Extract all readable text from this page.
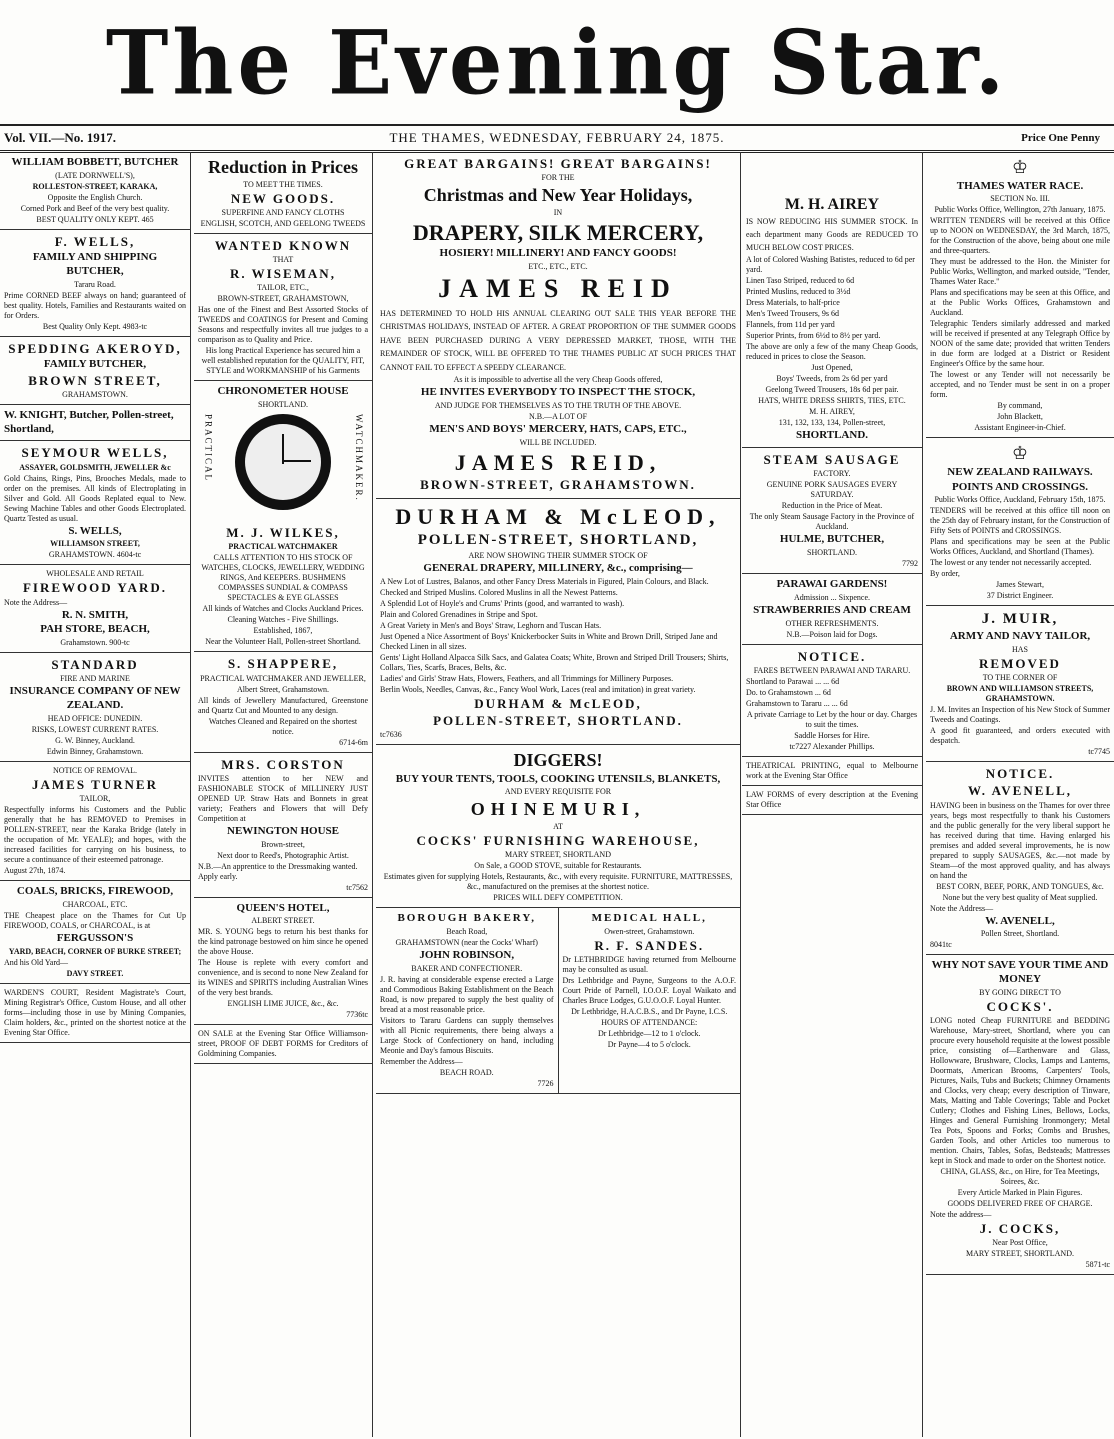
The Evening Star.
Vol. VII.—No. 1917.	THE THAMES, WEDNESDAY, FEBRUARY 24, 1875.	Price One Penny

WILLIAM BOBBETT, BUTCHER

(LATE DORNWELL'S),

ROLLESTON-STREET, KARAKA,

Opposite the English Church.

Corned Pork and Beef of the very best quality.

BEST QUALITY ONLY KEPT. 465

F. WELLS,

FAMILY AND SHIPPING BUTCHER,

Tararu Road.

Prime CORNED BEEF always on hand; guaranteed of best quality. Hotels, Families and Restaurants waited on for Orders.

Best Quality Only Kept. 4983-tc

SPEDDING AKEROYD,

FAMILY BUTCHER,

BROWN STREET,

GRAHAMSTOWN.

W. KNIGHT, Butcher, Pollen-street, Shortland,

SEYMOUR WELLS,

ASSAYER, GOLDSMITH, JEWELLER &c

Gold Chains, Rings, Pins, Brooches Medals, made to order on the premises. All kinds of Electroplating in Silver and Gold. All Goods Replated equal to New. Sewing Machine Tables and other Goods Electroplated. Quartz Tested as usual.

S. WELLS,

WILLIAMSON STREET,

GRAHAMSTOWN. 4604-tc

WHOLESALE AND RETAIL

FIREWOOD YARD.

Note the Address—

R. N. SMITH,

PAH STORE, BEACH,

Grahamstown. 900-tc

STANDARD

FIRE AND MARINE

INSURANCE COMPANY OF NEW ZEALAND.

HEAD OFFICE: DUNEDIN.

RISKS, LOWEST CURRENT RATES.

G. W. Binney, Auckland.

Edwin Binney, Grahamstown.

NOTICE OF REMOVAL.

JAMES TURNER

TAILOR,

Respectfully informs his Customers and the Public generally that he has REMOVED to Premises in POLLEN-STREET, near the Karaka Bridge (lately in the occupation of Mr. YEALE); and hopes, with the increased facilities for carrying on his business, to secure a continuance of their esteemed patronage.

August 27th, 1874.

COALS, BRICKS, FIREWOOD,

CHARCOAL, ETC.

THE Cheapest place on the Thames for Cut Up FIREWOOD, COALS, or CHARCOAL, is at

FERGUSSON'S

YARD, BEACH, CORNER OF BURKE STREET;

And his Old Yard—

DAVY STREET.

WARDEN'S COURT, Resident Magistrate's Court, Mining Registrar's Office, Custom House, and all other forms—including those in use by Mining Companies, Claim holders, &c., printed on the shortest notice at the Evening Star Office.

Reduction in Prices

TO MEET THE TIMES.

NEW GOODS.

SUPERFINE AND FANCY CLOTHS

ENGLISH, SCOTCH, AND GEELONG TWEEDS

WANTED KNOWN

THAT

R. WISEMAN,

TAILOR, ETC.,

BROWN-STREET, GRAHAMSTOWN,

Has one of the Finest and Best Assorted Stocks of TWEEDS and COATINGS for Present and Coming Seasons and respectfully invites all true judges to a comparison as to Quality and Price.

His long Practical Experience has secured him a well established reputation for the QUALITY, FIT, STYLE and WORKMANSHIP of his Garments

CHRONOMETER HOUSE

SHORTLAND.

PRACTICAL	WATCHMAKER.

M. J. WILKES,

PRACTICAL WATCHMAKER

CALLS ATTENTION TO HIS STOCK OF WATCHES, CLOCKS, JEWELLERY, WEDDING RINGS, And KEEPERS. BUSHMENS COMPASSES SUNDIAL & COMPASS SPECTACLES & EYE GLASSES

All kinds of Watches and Clocks Auckland Prices.

Cleaning Watches - Five Shillings.

Established, 1867,

Near the Volunteer Hall, Pollen-street Shortland.

S. SHAPPERE,

PRACTICAL WATCHMAKER AND JEWELLER,

Albert Street, Grahamstown.

All kinds of Jewellery Manufactured, Greenstone and Quartz Cut and Mounted to any design.

Watches Cleaned and Repaired on the shortest notice.

6714-6m

MRS. CORSTON

INVITES attention to her NEW and FASHIONABLE STOCK of MILLINERY JUST OPENED UP. Straw Hats and Bonnets in great variety; Feathers and Flowers that will Defy Competition at

NEWINGTON HOUSE

Brown-street,

Next door to Reed's, Photographic Artist.

N.B.—An apprentice to the Dressmaking wanted. Apply early.

tc7562

QUEEN'S HOTEL,

ALBERT STREET.

MR. S. YOUNG begs to return his best thanks for the kind patronage bestowed on him since he opened the above House.

The House is replete with every comfort and convenience, and is second to none New Zealand for its WINES and SPIRITS including Australian Wines of the very best brands.

ENGLISH LIME JUICE, &c., &c.

7736tc

ON SALE at the Evening Star Office Williamson-street, PROOF OF DEBT FORMS for Creditors of Goldmining Companies.

GREAT BARGAINS! GREAT BARGAINS!

FOR THE

Christmas and New Year Holidays,

IN

DRAPERY, SILK MERCERY,

HOSIERY! MILLINERY! AND FANCY GOODS!

ETC., ETC., ETC.

JAMES REID

HAS DETERMINED TO HOLD HIS ANNUAL CLEARING OUT SALE THIS YEAR BEFORE THE CHRISTMAS HOLIDAYS, INSTEAD OF AFTER. A GREAT PROPORTION OF THE SUMMER GOODS HAVE BEEN PURCHASED DURING A VERY DEPRESSED MARKET, THOSE, WITH THE REMAINDER OF STOCK, WILL BE OFFERED TO THE THAMES PUBLIC AT SUCH PRICES THAT CANNOT FAIL TO EFFECT A SPEEDY CLEARANCE.

As it is impossible to advertise all the very Cheap Goods offered,

HE INVITES EVERYBODY TO INSPECT THE STOCK,

AND JUDGE FOR THEMSELVES AS TO THE TRUTH OF THE ABOVE.

N.B.—A LOT OF

MEN'S AND BOYS' MERCERY, HATS, CAPS, ETC.,

WILL BE INCLUDED.

JAMES REID,

BROWN-STREET, GRAHAMSTOWN.

DURHAM & McLEOD,

POLLEN-STREET, SHORTLAND,

ARE NOW SHOWING THEIR SUMMER STOCK OF

GENERAL DRAPERY, MILLINERY, &c., comprising—

A New Lot of Lustres, Balanos, and other Fancy Dress Materials in Figured, Plain Colours, and Black.

Checked and Striped Muslins. Colored Muslins in all the Newest Patterns.

A Splendid Lot of Hoyle's and Crums' Prints (good, and warranted to wash).

Plain and Colored Grenadines in Stripe and Spot.

A Great Variety in Men's and Boys' Straw, Leghorn and Tuscan Hats.

Just Opened a Nice Assortment of Boys' Knickerbocker Suits in White and Brown Drill, Striped Jane and Checked Linen in all sizes.

Gents' Light Holland Alpacca Silk Sacs, and Galatea Coats; White, Brown and Striped Drill Trousers; Shirts, Collars, Ties, Scarfs, Braces, Belts, &c.

Ladies' and Girls' Straw Hats, Flowers, Feathers, and all Trimmings for Millinery Purposes.

Berlin Wools, Needles, Canvas, &c., Fancy Wool Work, Laces (real and imitation) in great variety.

DURHAM & McLEOD,

POLLEN-STREET, SHORTLAND.

tc7636

DIGGERS!

BUY YOUR TENTS, TOOLS, COOKING UTENSILS, BLANKETS,

AND EVERY REQUISITE FOR

OHINEMURI,

AT

COCKS' FURNISHING WAREHOUSE,

MARY STREET, SHORTLAND

On Sale, a GOOD STOVE, suitable for Restaurants.

Estimates given for supplying Hotels, Restaurants, &c., with every requisite. FURNITURE, MATTRESSES, &c., manufactured on the premises at the shortest notice.

PRICES WILL DEFY COMPETITION.

BOROUGH BAKERY,

Beach Road,

GRAHAMSTOWN (near the Cocks' Wharf)

JOHN ROBINSON,

BAKER AND CONFECTIONER.

J. R. having at considerable expense erected a Large and Commodious Baking Establishment on the Beach Road, is now prepared to supply the best quality of bread at a most reasonable price.

Visitors to Tararu Gardens can supply themselves with all Picnic requirements, there being always a Large Stock of Confectionery on hand, including Meonie and Day's famous Biscuits.

Remember the Address—

BEACH ROAD.

7726

MEDICAL HALL,

Owen-street, Grahamstown.

R. F. SANDES.

Dr LETHBRIDGE having returned from Melbourne may be consulted as usual.

Drs Lethbridge and Payne, Surgeons to the A.O.F. Court Pride of Parnell, I.O.O.F. Loyal Waikato and Charles Bruce Lodges, G.U.O.O.F. Loyal Hunter.

Dr Lethbridge, H.A.C.B.S., and Dr Payne, I.C.S.

HOURS OF ATTENDANCE:

Dr Lethbridge—12 to 1 o'clock.

Dr Payne—4 to 5 o'clock.

M. H. AIREY

IS NOW REDUCING HIS SUMMER STOCK. In each department many Goods are REDUCED TO MUCH BELOW COST PRICES.

A lot of Colored Washing Batistes, reduced to 6d per yard.

Linen Taso Striped, reduced to 6d

Printed Muslins, reduced to 3½d

Dress Materials, to half-price

Men's Tweed Trousers, 9s 6d

Flannels, from 11d per yard

Superior Prints, from 6½d to 8½ per yard.

The above are only a few of the many Cheap Goods, reduced in prices to close the Season.

Just Opened,

Boys' Tweeds, from 2s 6d per yard

Geelong Tweed Trousers, 18s 6d per pair.

HATS, WHITE DRESS SHIRTS, TIES, ETC.

M. H. AIREY,

131, 132, 133, 134, Pollen-street,

SHORTLAND.

STEAM SAUSAGE

FACTORY.

GENUINE PORK SAUSAGES EVERY SATURDAY.

Reduction in the Price of Meat.

The only Steam Sausage Factory in the Province of Auckland.

HULME, BUTCHER,

SHORTLAND.

7792

PARAWAI GARDENS!

Admission ... Sixpence.

STRAWBERRIES AND CREAM

OTHER REFRESHMENTS.

N.B.—Poison laid for Dogs.

NOTICE.

FARES BETWEEN PARAWAI AND TARARU.

Shortland to Parawai ... ... 6d

Do. to Grahamstown ... 6d

Grahamstown to Tararu ... ... 6d

A private Carriage to Let by the hour or day. Charges to suit the times.

Saddle Horses for Hire.

tc7227 Alexander Phillips.

THEATRICAL PRINTING, equal to Melbourne work at the Evening Star Office

LAW FORMS of every description at the Evening Star Office

♔

THAMES WATER RACE.

SECTION No. III.

Public Works Office, Wellington, 27th January, 1875.

WRITTEN TENDERS will be received at this Office up to NOON on WEDNESDAY, the 3rd March, 1875, for the Construction of the above, being about one mile and three-quarters.

They must be addressed to the Hon. the Minister for Public Works, Wellington, and marked outside, "Tender, Thames Water Race."

Plans and specifications may be seen at this Office, and at the Public Works Offices, Grahamstown and Auckland.

Telegraphic Tenders similarly addressed and marked will be received if presented at any Telegraph Office by NOON of the same date; provided that written Tenders in due form are lodged at a District or Resident Engineer's Office by the same hour.

The lowest or any Tender will not necessarily be accepted, and no Tender must be sent in on a proper form.

By command,

John Blackett,

Assistant Engineer-in-Chief.

♔

NEW ZEALAND RAILWAYS.

POINTS AND CROSSINGS.

Public Works Office, Auckland, February 15th, 1875.

TENDERS will be received at this office till noon on the 25th day of February instant, for the Construction of Fifty Sets of POINTS and CROSSINGS.

Plans and specifications may be seen at the Public Works Offices, Auckland, and Shortland (Thames).

The lowest or any tender not necessarily accepted.

By order,

James Stewart,

37 District Engineer.

J. MUIR,

ARMY AND NAVY TAILOR,

HAS

REMOVED

TO THE CORNER OF

BROWN AND WILLIAMSON STREETS, GRAHAMSTOWN.

J. M. Invites an Inspection of his New Stock of Summer Tweeds and Coatings.

A good fit guaranteed, and orders executed with despatch.

tc7745

NOTICE.

W. AVENELL,

HAVING been in business on the Thames for over three years, begs most respectfully to thank his Customers and the public generally for the very liberal support he has received during that time. Having enlarged his premises and added several improvements, he is now prepared to supply SAUSAGES, &c.—not made by Steam—of the most approved quality, and has always on hand the

BEST CORN, BEEF, PORK, AND TONGUES, &c.

None but the very best quality of Meat supplied.

Note the Address—

W. AVENELL,

Pollen Street, Shortland.

8041tc

WHY NOT SAVE YOUR TIME AND MONEY

BY GOING DIRECT TO

COCKS'.

LONG noted Cheap FURNITURE and BEDDING Warehouse, Mary-street, Shortland, where you can procure every household requisite at the lowest possible price, consisting of—Earthenware and Glass, Hollowware, Brushware, Clocks, Lamps and Lanterns, Doormats, American Brooms, Carpenters' Tools, Pictures, Nails, Tubs and Buckets; Chimney Ornaments and Clocks, very cheap; every description of Tinware, Mats, Matting and Table Coverings; Table and Pocket Cutlery; Clothes and Fishing Lines, Bellows, Locks, Hinges and General Furnishing Ironmongery; Metal Tea Pots, Spoons and Forks; Combs and Brushes, Garden Tools, and other Articles too numerous to mention. Chairs, Tables, Sofas, Bedsteads; Mattresses kept in Stock and made to order on the Shortest notice.

CHINA, GLASS, &c., on Hire, for Tea Meetings, Soirees, &c.

Every Article Marked in Plain Figures.

GOODS DELIVERED FREE OF CHARGE.

Note the address—

J. COCKS,

Near Post Office,

MARY STREET, SHORTLAND.

5871-tc
